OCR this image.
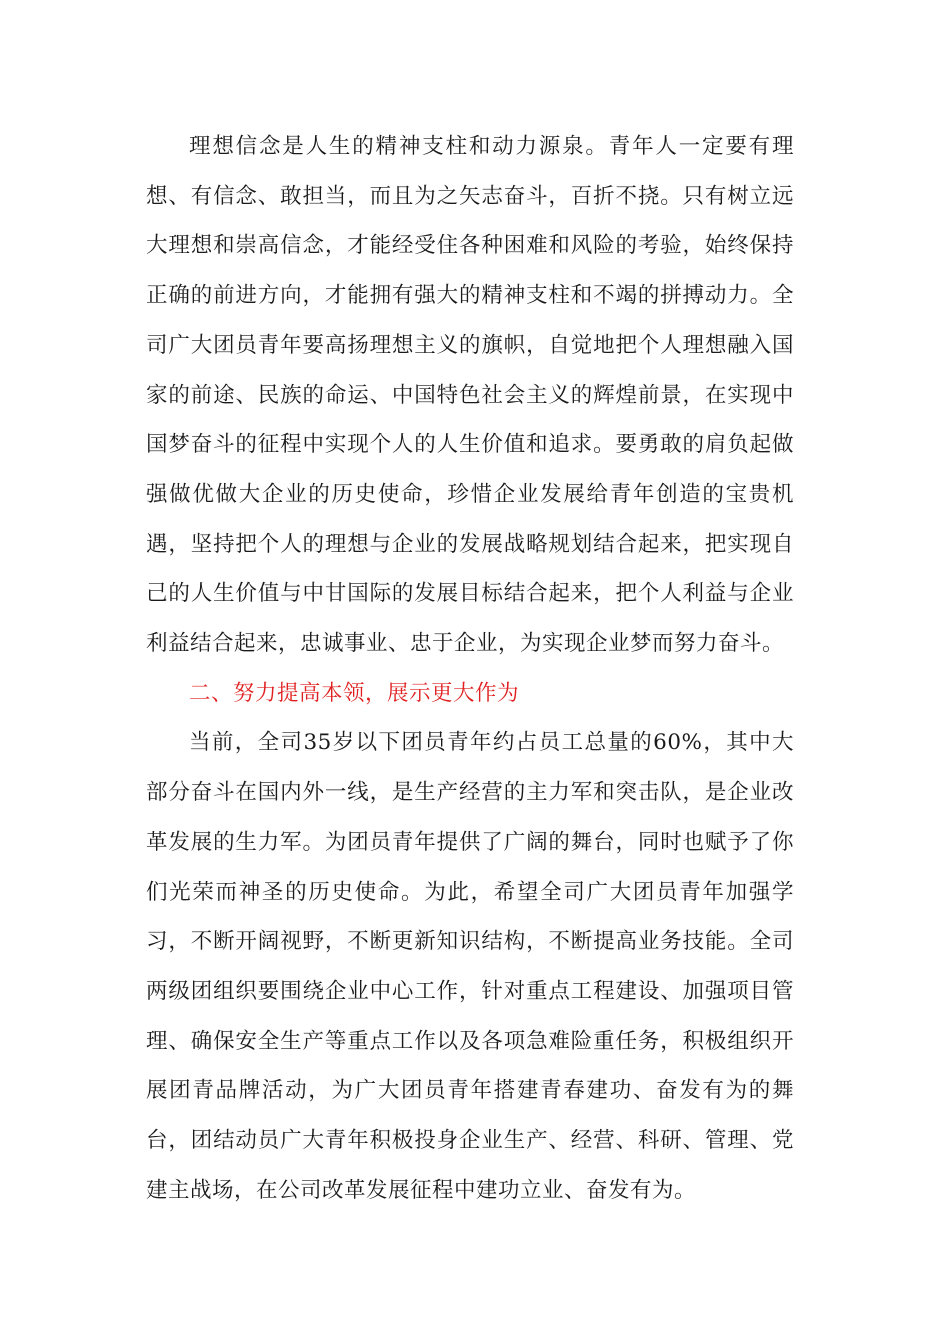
理想信念是人生的精神支柱和动力源泉。青年人一定要有理想、有信念、敢担当，而且为之矢志奋斗，百折不挠。只有树立远大理想和崇高信念，才能经受住各种困难和风险的考验，始终保持正确的前进方向，才能拥有强大的精神支柱和不竭的拼搏动力。全司广大团员青年要高扬理想主义的旗帜，自觉地把个人理想融入国家的前途、民族的命运、中国特色社会主义的辉煌前景，在实现中国梦奋斗的征程中实现个人的人生价值和追求。要勇敢的肩负起做强做优做大企业的历史使命，珍惜企业发展给青年创造的宝贵机遇，坚持把个人的理想与企业的发展战略规划结合起来，把实现自己的人生价值与中甘国际的发展目标结合起来，把个人利益与企业利益结合起来，忠诚事业、忠于企业，为实现企业梦而努力奋斗。

二、努力提高本领，展示更大作为

当前，全司35岁以下团员青年约占员工总量的60%，其中大部分奋斗在国内外一线，是生产经营的主力军和突击队，是企业改革发展的生力军。为团员青年提供了广阔的舞台，同时也赋予了你们光荣而神圣的历史使命。为此，希望全司广大团员青年加强学习，不断开阔视野，不断更新知识结构，不断提高业务技能。全司两级团组织要围绕企业中心工作，针对重点工程建设、加强项目管理、确保安全生产等重点工作以及各项急难险重任务，积极组织开展团青品牌活动，为广大团员青年搭建青春建功、奋发有为的舞台，团结动员广大青年积极投身企业生产、经营、科研、管理、党建主战场，在公司改革发展征程中建功立业、奋发有为。
